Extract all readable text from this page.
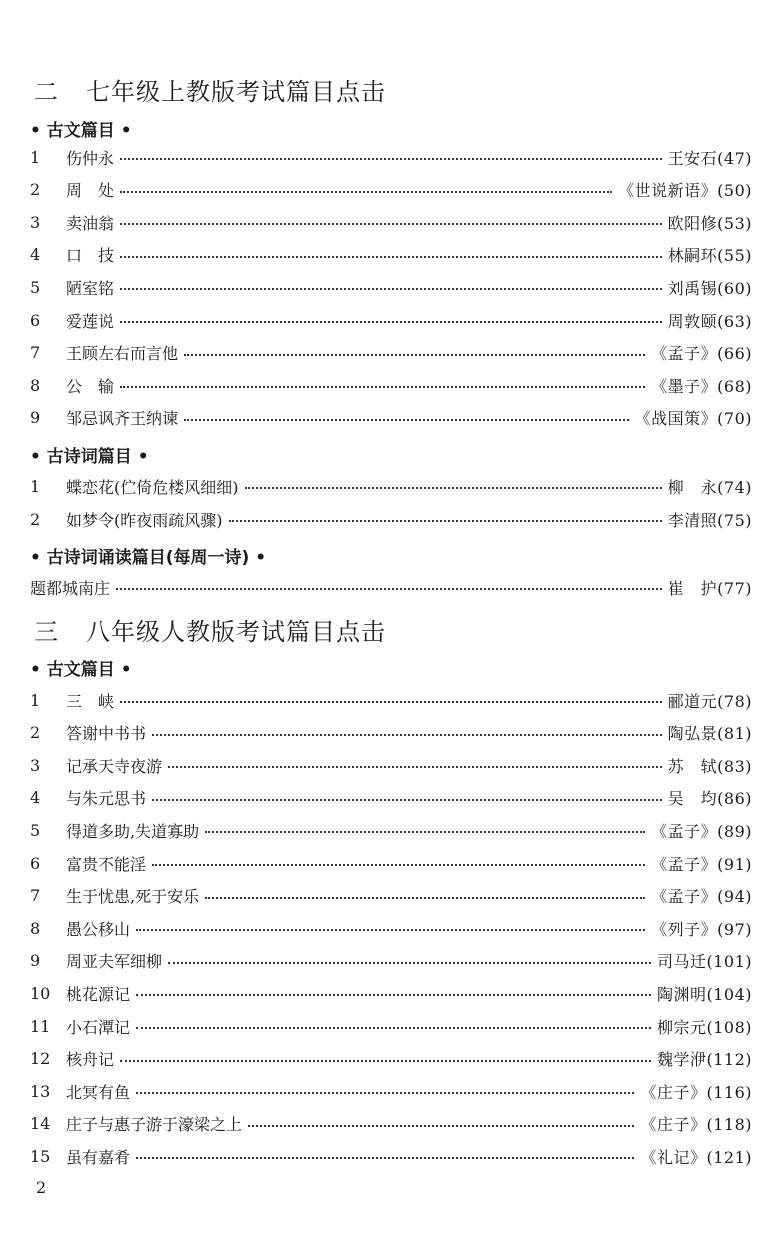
二 七年级上教版考试篇目点击
• 古文篇目 •
1	伤仲永	王安石(47)
2	周　处	《世说新语》(50)
3	卖油翁	欧阳修(53)
4	口　技	林嗣环(55)
5	陋室铭	刘禹锡(60)
6	爱莲说	周敦颐(63)
7	王顾左右而言他	《孟子》(66)
8	公　输	《墨子》(68)
9	邹忌讽齐王纳谏	《战国策》(70)
• 古诗词篇目 •
1	蝶恋花(伫倚危楼风细细)	柳　永(74)
2	如梦令(昨夜雨疏风骤)	李清照(75)
• 古诗词诵读篇目(每周一诗) •
题都城南庄	崔　护(77)
三 八年级人教版考试篇目点击
• 古文篇目 •
1	三　峡	郦道元(78)
2	答谢中书书	陶弘景(81)
3	记承天寺夜游	苏　轼(83)
4	与朱元思书	吴　均(86)
5	得道多助,失道寡助	《孟子》(89)
6	富贵不能淫	《孟子》(91)
7	生于忧患,死于安乐	《孟子》(94)
8	愚公移山	《列子》(97)
9	周亚夫军细柳	司马迁(101)
10 桃花源记	陶渊明(104)
11 小石潭记	柳宗元(108)
12 核舟记	魏学洢(112)
13 北冥有鱼	《庄子》(116)
14 庄子与惠子游于濠梁之上	《庄子》(118)
15 虽有嘉肴	《礼记》(121)
2
